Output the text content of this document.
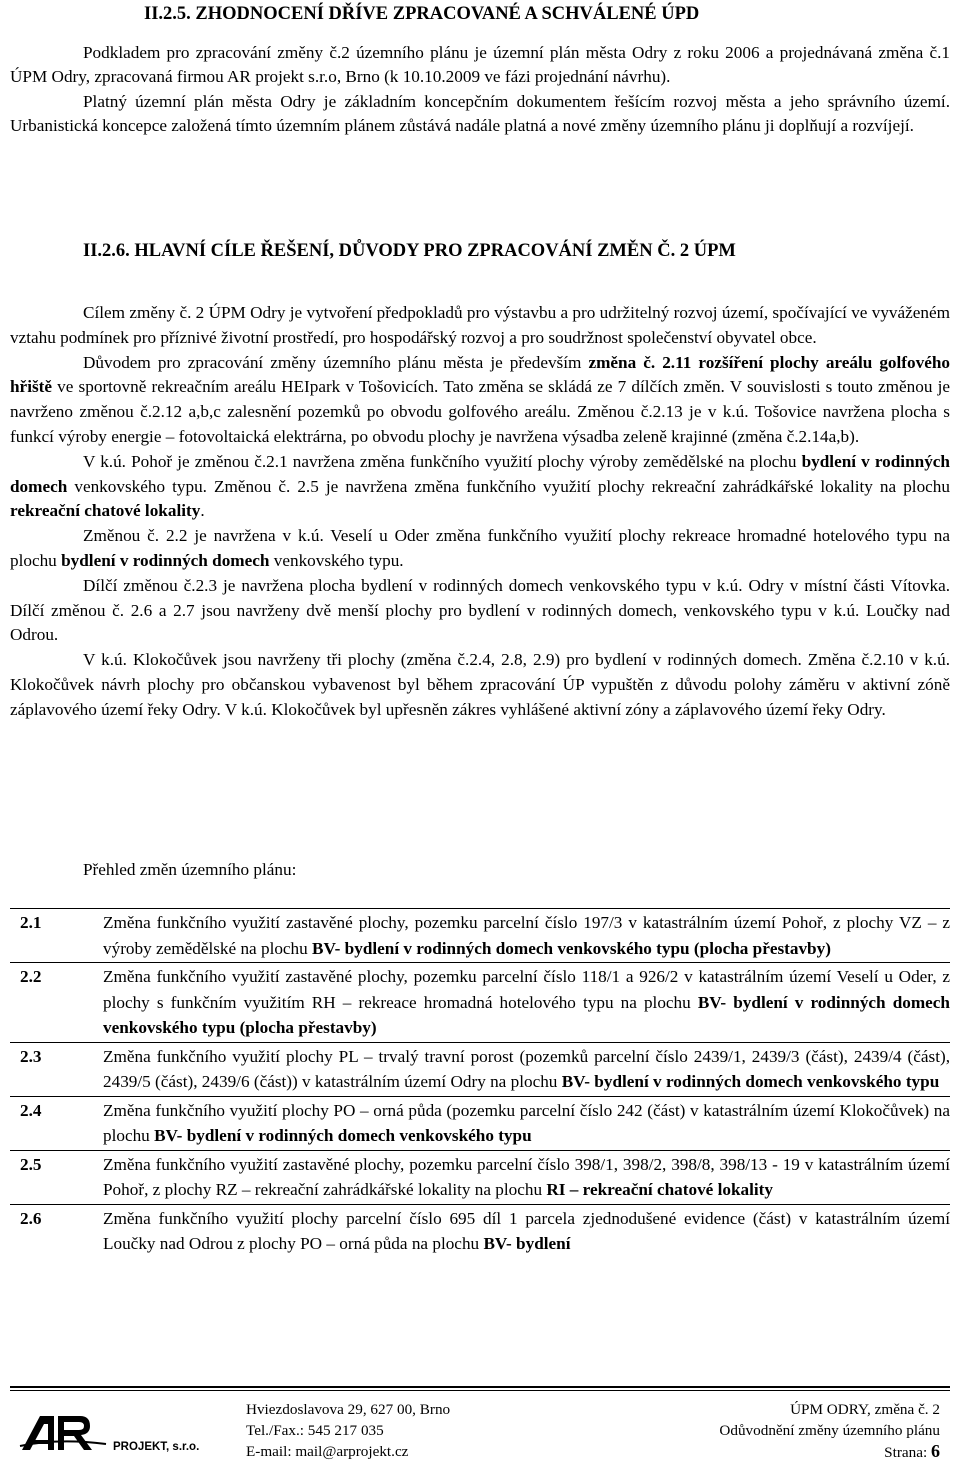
II.2.5. ZHODNOCENÍ DŘÍVE ZPRACOVANÉ A SCHVÁLENÉ ÚPD
Podkladem pro zpracování změny č.2 územního plánu je územní plán města Odry z roku 2006 a projednávaná změna č.1 ÚPM Odry, zpracovaná firmou AR projekt s.r.o, Brno (k 10.10.2009 ve fázi projednání návrhu).
Platný územní plán města Odry je základním koncepčním dokumentem řešícím rozvoj města a jeho správního území. Urbanistická koncepce založená tímto územním plánem zůstává nadále platná a nové změny územního plánu ji doplňují a rozvíjejí.
II.2.6. HLAVNÍ CÍLE ŘEŠENÍ, DŮVODY PRO ZPRACOVÁNÍ ZMĚN Č. 2 ÚPM
Cílem změny č. 2 ÚPM Odry je vytvoření předpokladů pro výstavbu a pro udržitelný rozvoj území, spočívající ve vyváženém vztahu podmínek pro příznivé životní prostředí, pro hospodářský rozvoj a pro soudržnost společenství obyvatel obce.
Důvodem pro zpracování změny územního plánu města je především změna č. 2.11 rozšíření plochy areálu golfového hřiště ve sportovně rekreačním areálu HEIpark v Tošovicích. Tato změna se skládá ze 7 dílčích změn. V souvislosti s touto změnou je navrženo změnou č.2.12 a,b,c zalesnění pozemků po obvodu golfového areálu. Změnou č.2.13 je v k.ú. Tošovice navržena plocha s funkcí výroby energie – fotovoltaická elektrárna, po obvodu plochy je navržena výsadba zeleně krajinné (změna č.2.14a,b).
V k.ú. Pohoř je změnou č.2.1 navržena změna funkčního využití plochy výroby zemědělské na plochu bydlení v rodinných domech venkovského typu. Změnou č. 2.5 je navržena změna funkčního využití plochy rekreační zahrádkářské lokality na plochu rekreační chatové lokality.
Změnou č. 2.2 je navržena v k.ú. Veselí u Oder změna funkčního využití plochy rekreace hromadné hotelového typu na plochu bydlení v rodinných domech venkovského typu.
Dílčí změnou č.2.3 je navržena plocha bydlení v rodinných domech venkovského typu v k.ú. Odry v místní části Vítovka. Dílčí změnou č. 2.6 a 2.7 jsou navrženy dvě menší plochy pro bydlení v rodinných domech, venkovského typu v k.ú. Loučky nad Odrou.
V k.ú. Klokočůvek jsou navrženy tři plochy (změna č.2.4, 2.8, 2.9) pro bydlení v rodinných domech. Změna č.2.10 v k.ú. Klokočůvek návrh plochy pro občanskou vybavenost byl během zpracování ÚP vypuštěn z důvodu polohy záměru v aktivní zóně záplavového území řeky Odry. V k.ú. Klokočůvek byl upřesněn zákres vyhlášené aktivní zóny a záplavového území řeky Odry.
Přehled změn územního plánu:
2.1	Změna funkčního využití zastavěné plochy, pozemku parcelní číslo 197/3 v katastrálním území Pohoř, z plochy VZ – z výroby zemědělské na plochu BV- bydlení v rodinných domech venkovského typu (plocha přestavby)
2.2	Změna funkčního využití zastavěné plochy, pozemku parcelní číslo 118/1 a 926/2 v katastrálním území Veselí u Oder, z plochy s funkčním využitím RH – rekreace hromadná hotelového typu na plochu BV- bydlení v rodinných domech venkovského typu (plocha přestavby)
2.3	Změna funkčního využití plochy PL – trvalý travní porost (pozemků parcelní číslo 2439/1, 2439/3 (část), 2439/4 (část), 2439/5 (část), 2439/6 (část)) v katastrálním území Odry na plochu BV- bydlení v rodinných domech venkovského typu
2.4	Změna funkčního využití plochy PO – orná půda (pozemku parcelní číslo 242 (část) v katastrálním území Klokočůvek) na plochu BV- bydlení v rodinných domech venkovského typu
2.5	Změna funkčního využití zastavěné plochy, pozemku parcelní číslo 398/1, 398/2, 398/8, 398/13 - 19 v katastrálním území Pohoř, z plochy RZ – rekreační zahrádkářské lokality na plochu RI – rekreační chatové lokality
2.6	Změna funkčního využití plochy parcelní číslo 695 díl 1 parcela zjednodušené evidence (část) v katastrálním území Loučky nad Odrou z plochy PO – orná půda na plochu BV- bydlení
PROJEKT, s.r.o.
Hviezdoslavova 29, 627 00, Brno
Tel./Fax.: 545 217 035
E-mail: mail@arprojekt.cz
ÚPM ODRY, změna č. 2
Odůvodnění změny územního plánu
Strana: 6
